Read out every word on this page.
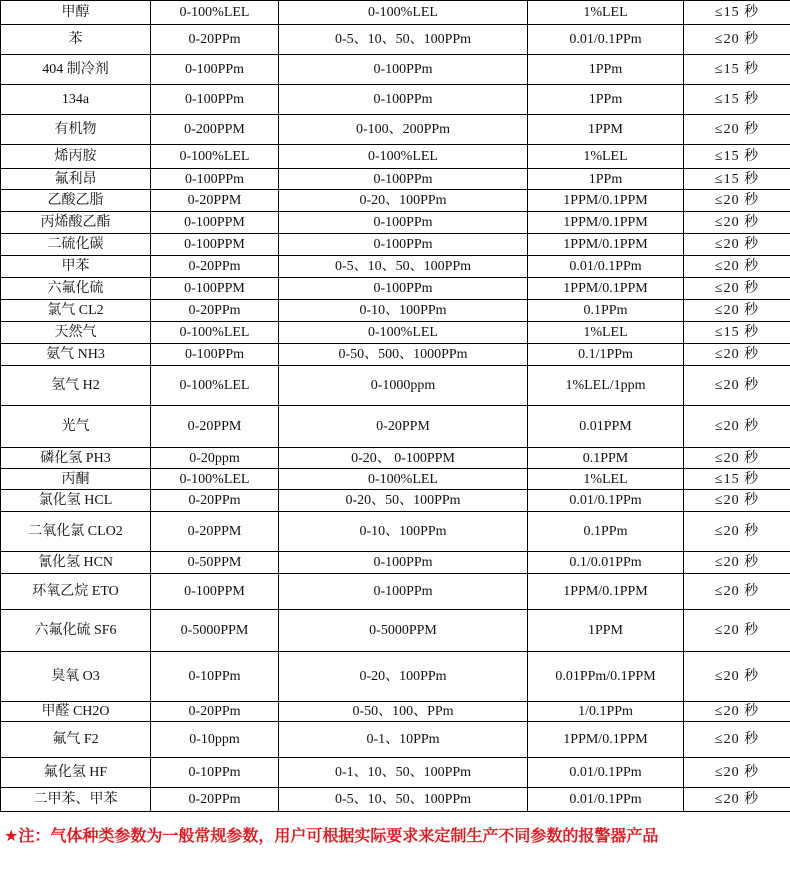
甲醇	0-100%LEL	0-100%LEL	1%LEL	≤15 秒
苯	0-20PPm	0-5、10、50、100PPm	0.01/0.1PPm	≤20 秒
404 制冷剂	0-100PPm	0-100PPm	1PPm	≤15 秒
134a	0-100PPm	0-100PPm	1PPm	≤15 秒
有机物	0-200PPM	0-100、200PPm	1PPM	≤20 秒
烯丙胺	0-100%LEL	0-100%LEL	1%LEL	≤15 秒
氟利昂	0-100PPm	0-100PPm	1PPm	≤15 秒
乙酸乙脂	0-20PPM	0-20、100PPm	1PPM/0.1PPM	≤20 秒
丙烯酸乙酯	0-100PPM	0-100PPm	1PPM/0.1PPM	≤20 秒
二硫化碳	0-100PPM	0-100PPm	1PPM/0.1PPM	≤20 秒
甲苯	0-20PPm	0-5、10、50、100PPm	0.01/0.1PPm	≤20 秒
六氟化硫	0-100PPM	0-100PPm	1PPM/0.1PPM	≤20 秒
氯气 CL2	0-20PPm	0-10、100PPm	0.1PPm	≤20 秒
天然气	0-100%LEL	0-100%LEL	1%LEL	≤15 秒
氨气 NH3	0-100PPm	0-50、500、1000PPm	0.1/1PPm	≤20 秒
氢气 H2	0-100%LEL	0-1000ppm	1%LEL/1ppm	≤20 秒
光气	0-20PPM	0-20PPM	0.01PPM	≤20 秒
磷化氢 PH3	0-20ppm	0-20、 0-100PPM	0.1PPM	≤20 秒
丙酮	0-100%LEL	0-100%LEL	1%LEL	≤15 秒
氯化氢 HCL	0-20PPm	0-20、50、100PPm	0.01/0.1PPm	≤20 秒
二氧化氯 CLO2	0-20PPM	0-10、100PPm	0.1PPm	≤20 秒
氰化氢 HCN	0-50PPM	0-100PPm	0.1/0.01PPm	≤20 秒
环氧乙烷 ETO	0-100PPM	0-100PPm	1PPM/0.1PPM	≤20 秒
六氟化硫 SF6	0-5000PPM	0-5000PPM	1PPM	≤20 秒
臭氧 O3	0-10PPm	0-20、100PPm	0.01PPm/0.1PPM	≤20 秒
甲醛 CH2O	0-20PPm	0-50、100、PPm	1/0.1PPm	≤20 秒
氟气 F2	0-10ppm	0-1、10PPm	1PPM/0.1PPM	≤20 秒
氟化氢 HF	0-10PPm	0-1、10、50、100PPm	0.01/0.1PPm	≤20 秒
二甲苯、甲苯	0-20PPm	0-5、10、50、100PPm	0.01/0.1PPm	≤20 秒
★注：气体种类参数为一般常规参数，用户可根据实际要求来定制生产不同参数的报警器产品
